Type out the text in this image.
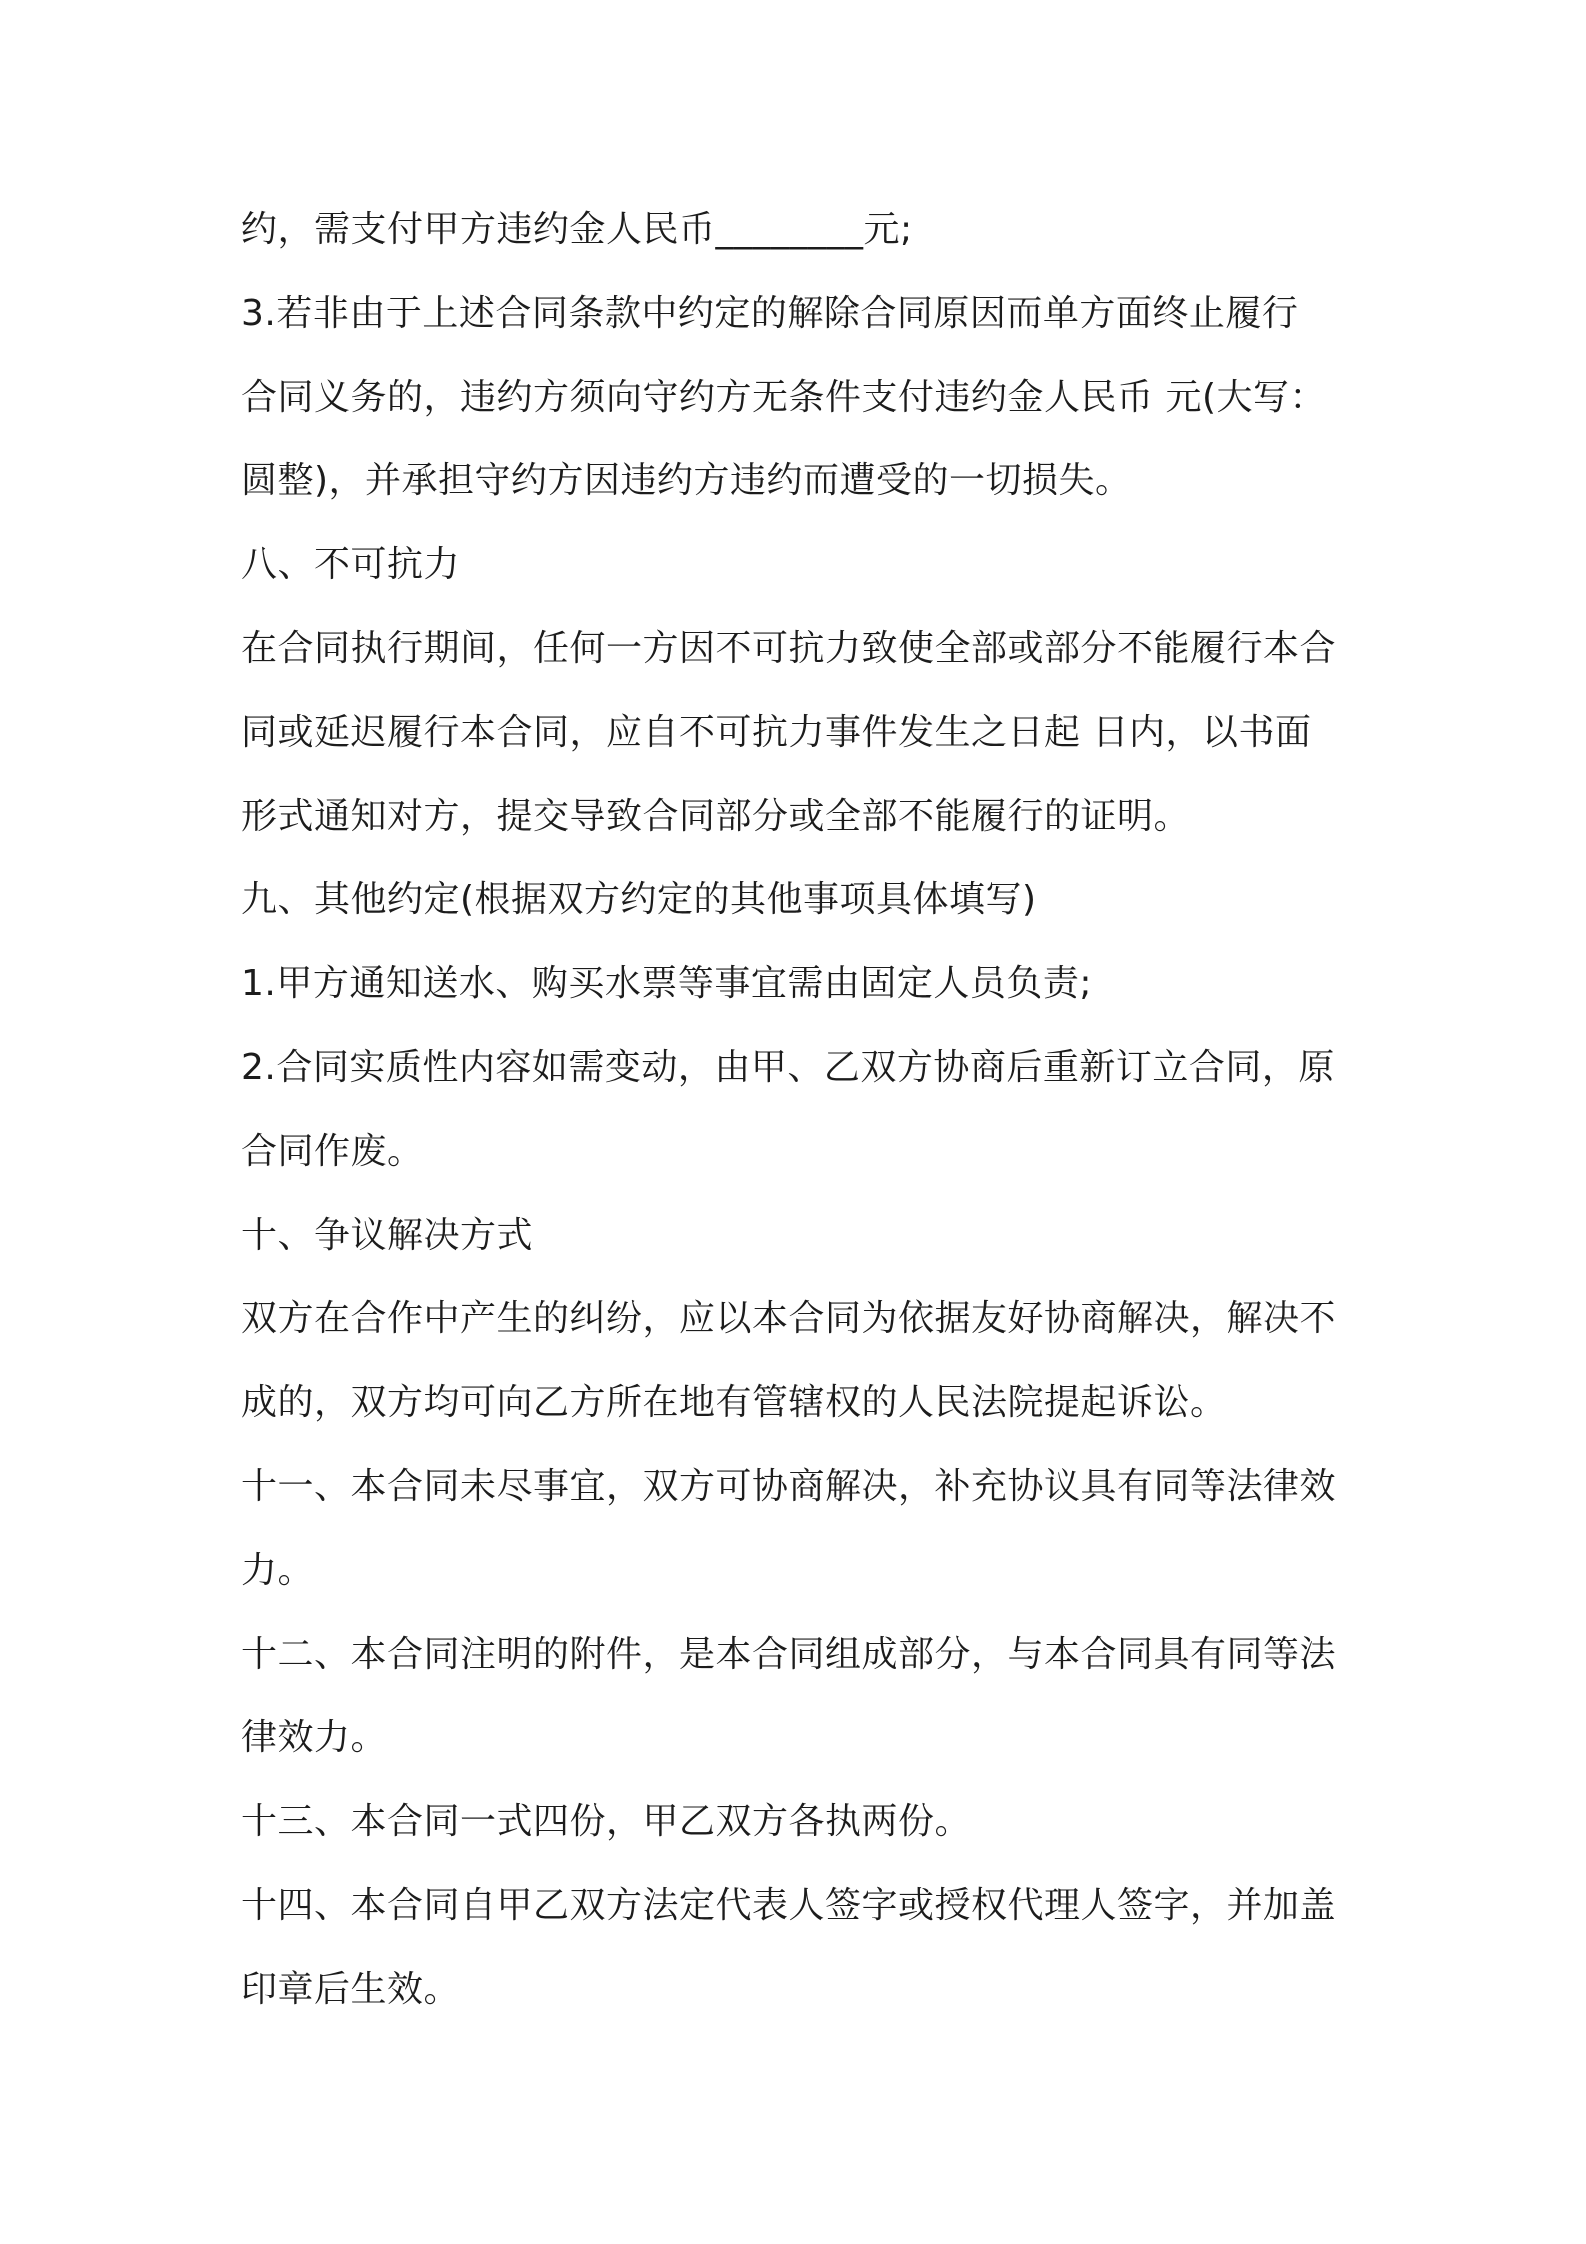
约，需支付甲方违约金人民币________元;

3.若非由于上述合同条款中约定的解除合同原因而单方面终止履行

合同义务的，违约方须向守约方无条件支付违约金人民币 元(大写：

圆整)，并承担守约方因违约方违约而遭受的一切损失。

八、不可抗力

在合同执行期间，任何一方因不可抗力致使全部或部分不能履行本合

同或延迟履行本合同，应自不可抗力事件发生之日起 日内，以书面

形式通知对方，提交导致合同部分或全部不能履行的证明。

九、其他约定(根据双方约定的其他事项具体填写)

1.甲方通知送水、购买水票等事宜需由固定人员负责;

2.合同实质性内容如需变动，由甲、乙双方协商后重新订立合同，原

合同作废。

十、争议解决方式

双方在合作中产生的纠纷，应以本合同为依据友好协商解决，解决不

成的，双方均可向乙方所在地有管辖权的人民法院提起诉讼。

十一、本合同未尽事宜，双方可协商解决，补充协议具有同等法律效

力。

十二、本合同注明的附件，是本合同组成部分，与本合同具有同等法

律效力。

十三、本合同一式四份，甲乙双方各执两份。

十四、本合同自甲乙双方法定代表人签字或授权代理人签字，并加盖

印章后生效。
